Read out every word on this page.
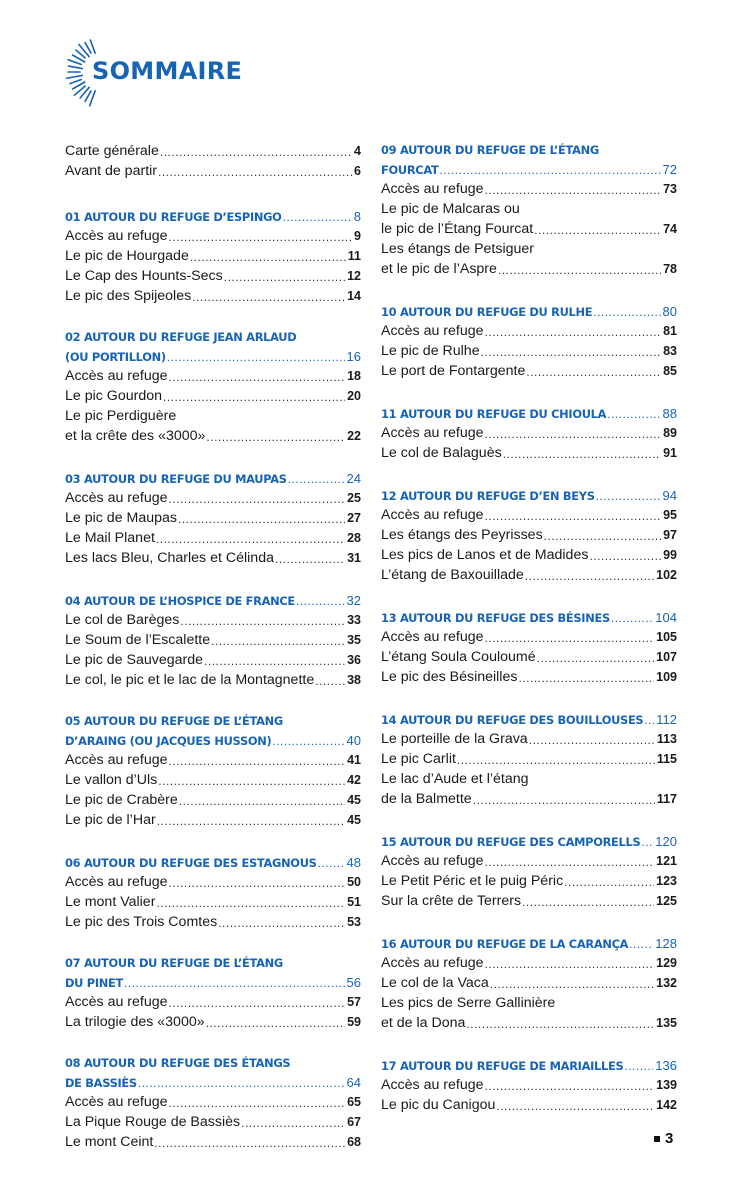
SOMMAIRE
Carte générale .....	4
Avant de partir .....	6
01 AUTOUR DU REFUGE D’ESPINGO .....	8
Accès au refuge .....	9
Le pic de Hourgade .....	11
Le Cap des Hounts-Secs .....	12
Le pic des Spijeoles .....	14
02 AUTOUR DU REFUGE JEAN ARLAUD
(OU PORTILLON) .....	16
Accès au refuge .....	18
Le pic Gourdon .....	20
Le pic Perdiguère
et la crête des «3000» .....	22
03 AUTOUR DU REFUGE DU MAUPAS .....	24
Accès au refuge .....	25
Le pic de Maupas .....	27
Le Mail Planet .....	28
Les lacs Bleu, Charles et Célinda .....	31
04 AUTOUR DE L’HOSPICE DE FRANCE .....	32
Le col de Barèges .....	33
Le Soum de l’Escalette .....	35
Le pic de Sauvegarde .....	36
Le col, le pic et le lac de la Montagnette .....	38
05 AUTOUR DU REFUGE DE L’ÉTANG
D’ARAING (OU JACQUES HUSSON) .....	40
Accès au refuge .....	41
Le vallon d’Uls .....	42
Le pic de Crabère .....	45
Le pic de l’Har .....	45
06 AUTOUR DU REFUGE DES ESTAGNOUS ..... 48
Accès au refuge .....	50
Le mont Valier .....	51
Le pic des Trois Comtes .....	53
07 AUTOUR DU REFUGE DE L’ÉTANG
DU PINET .....	56
Accès au refuge .....	57
La trilogie des «3000» .....	59
08 AUTOUR DU REFUGE DES ÉTANGS
DE BASSIÈS .....	64
Accès au refuge .....	65
La Pique Rouge de Bassiès .....	67
Le mont Ceint .....	68
09 AUTOUR DU REFUGE DE L’ÉTANG
FOURCAT .....	72
Accès au refuge .....	73
Le pic de Malcaras ou
le pic de l’Étang Fourcat .....	74
Les étangs de Petsiguer
et le pic de l’Aspre .....	78
10 AUTOUR DU REFUGE DU RULHE .....	80
Accès au refuge .....	81
Le pic de Rulhe .....	83
Le port de Fontargente .....	85
11 AUTOUR DU REFUGE DU CHIOULA .....	88
Accès au refuge .....	89
Le col de Balaguès .....	91
12 AUTOUR DU REFUGE D’EN BEYS .....	94
Accès au refuge .....	95
Les étangs des Peyrisses .....	97
Les pics de Lanos et de Madides .....	99
L’étang de Baxouillade .....	102
13 AUTOUR DU REFUGE DES BÉSINES .....	104
Accès au refuge .....	105
L’étang Soula Couloumé .....	107
Le pic des Bésineilles .....	109
14 AUTOUR DU REFUGE DES BOUILLOUSES ..... 112
Le porteille de la Grava .....	113
Le pic Carlit .....	115
Le lac d’Aude et l’étang
de la Balmette .....	117
15 AUTOUR DU REFUGE DES CAMPORELLS ..... 120
Accès au refuge .....	121
Le Petit Péric et le puig Péric .....	123
Sur la crête de Terrers .....	125
16 AUTOUR DU REFUGE DE LA CARANÇA ..... 128
Accès au refuge .....	129
Le col de la Vaca .....	132
Les pics de Serre Gallinière
et de la Dona .....	135
17 AUTOUR DU REFUGE DE MARIAILLES ..... 136
Accès au refuge .....	139
Le pic du Canigou .....	142
3
